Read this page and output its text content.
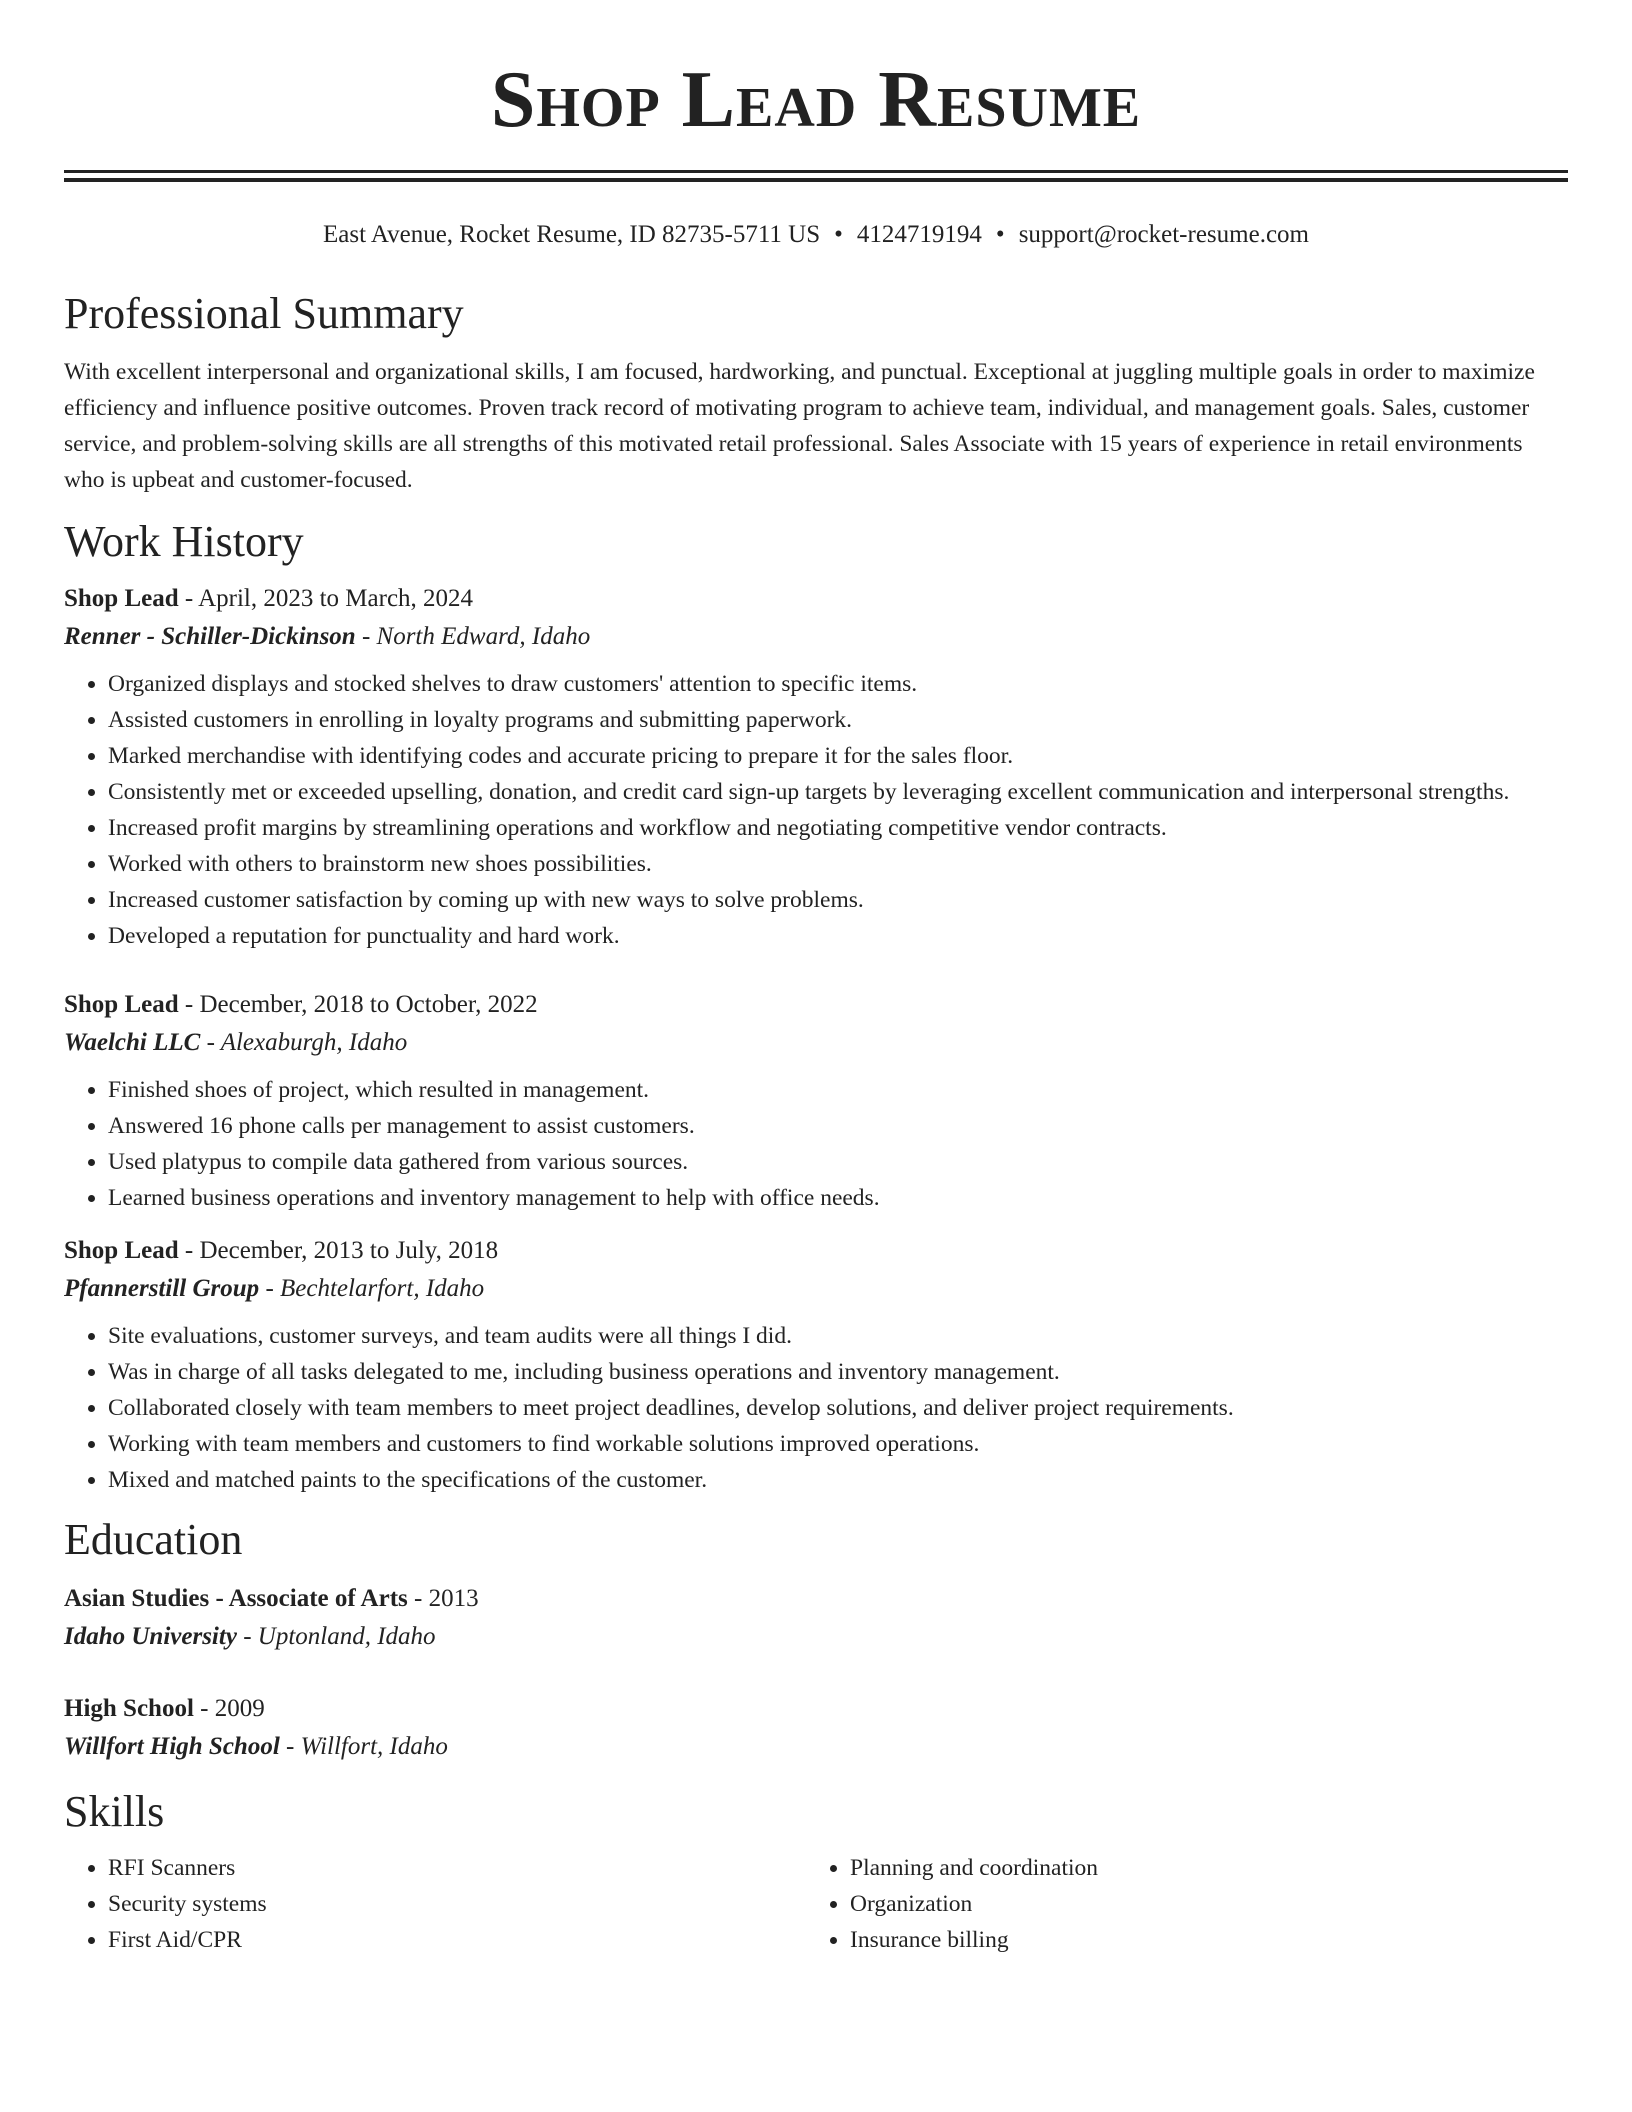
Shop Lead Resume
East Avenue, Rocket Resume, ID 82735-5711 US • 4124719194 • support@rocket-resume.com
Professional Summary

With excellent interpersonal and organizational skills, I am focused, hardworking, and punctual. Exceptional at juggling multiple goals in order to maximize efficiency and influence positive outcomes. Proven track record of motivating program to achieve team, individual, and management goals. Sales, customer service, and problem-solving skills are all strengths of this motivated retail professional. Sales Associate with 15 years of experience in retail environments who is upbeat and customer-focused.

Work History
Shop Lead - April, 2023 to March, 2024
Renner - Schiller-Dickinson - North Edward, Idaho
• Organized displays and stocked shelves to draw customers' attention to specific items.
• Assisted customers in enrolling in loyalty programs and submitting paperwork.
• Marked merchandise with identifying codes and accurate pricing to prepare it for the sales floor.
• Consistently met or exceeded upselling, donation, and credit card sign-up targets by leveraging excellent communication and interpersonal strengths.
• Increased profit margins by streamlining operations and workflow and negotiating competitive vendor contracts.
• Worked with others to brainstorm new shoes possibilities.
• Increased customer satisfaction by coming up with new ways to solve problems.
• Developed a reputation for punctuality and hard work.
Shop Lead - December, 2018 to October, 2022
Waelchi LLC - Alexaburgh, Idaho
• Finished shoes of project, which resulted in management.
• Answered 16 phone calls per management to assist customers.
• Used platypus to compile data gathered from various sources.
• Learned business operations and inventory management to help with office needs.
Shop Lead - December, 2013 to July, 2018
Pfannerstill Group - Bechtelarfort, Idaho
• Site evaluations, customer surveys, and team audits were all things I did.
• Was in charge of all tasks delegated to me, including business operations and inventory management.
• Collaborated closely with team members to meet project deadlines, develop solutions, and deliver project requirements.
• Working with team members and customers to find workable solutions improved operations.
• Mixed and matched paints to the specifications of the customer.
Education
Asian Studies - Associate of Arts - 2013
Idaho University - Uptonland, Idaho
High School - 2009
Willfort High School - Willfort, Idaho
Skills
• RFI Scanners
• Security systems
• First Aid/CPR
• Planning and coordination
• Organization
• Insurance billing
